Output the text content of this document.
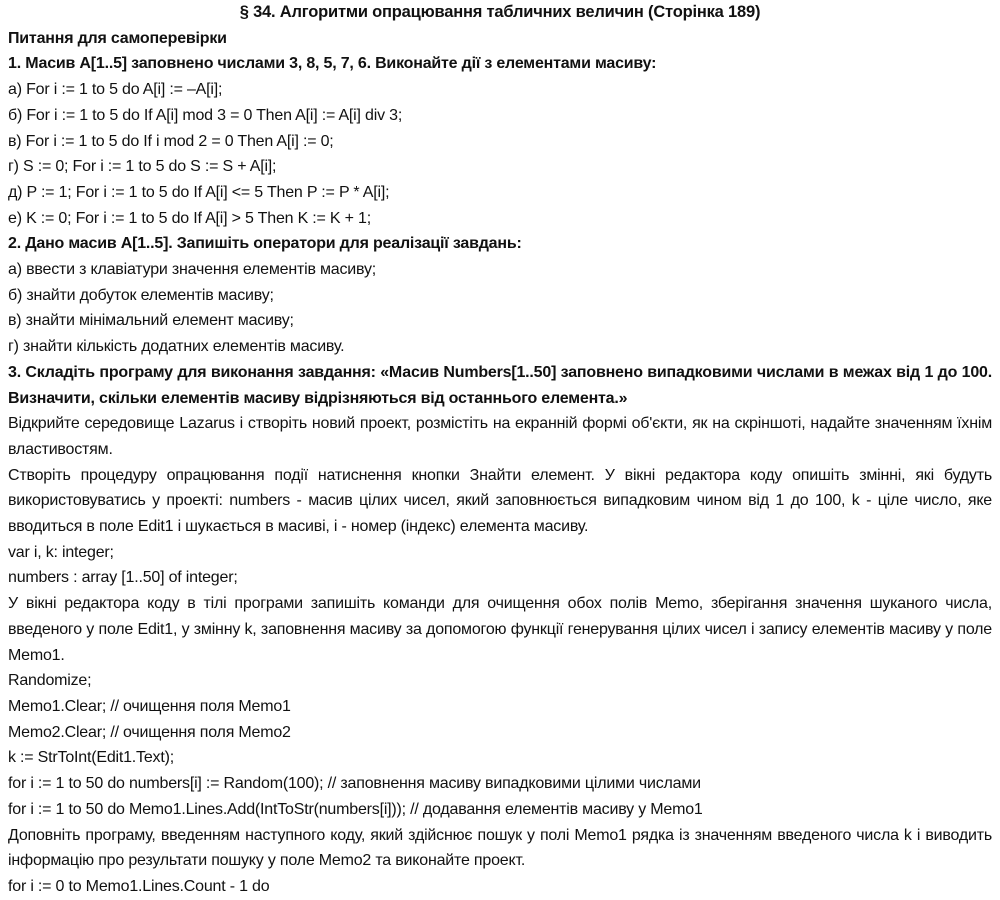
§ 34. Алгоритми опрацювання табличних величин (Сторінка 189)

Питання для самоперевірки

1. Масив A[1..5] заповнено числами 3, 8, 5, 7, 6. Виконайте дії з елементами масиву:

а) For i := 1 to 5 do A[i] := –A[i];

б) For i := 1 to 5 do If A[i] mod 3 = 0 Then A[i] := A[i] div 3;

в) For i := 1 to 5 do If i mod 2 = 0 Then A[i] := 0;

г) S := 0; For i := 1 to 5 do S := S + A[i];

д) P := 1; For i := 1 to 5 do If A[i] <= 5 Then P := P * A[i];

е) K := 0; For i := 1 to 5 do If A[i] > 5 Then K := K + 1;

2. Дано масив A[1..5]. Запишіть оператори для реалізації завдань:

а) ввести з клавіатури значення елементів масиву;

б) знайти добуток елементів масиву;

в) знайти мінімальний елемент масиву;

г) знайти кількість додатних елементів масиву.

3. Складіть програму для виконання завдання: «Масив Numbers[1..50] заповнено випадковими числами в межах від 1 до 100. Визначити, скільки елементів масиву відрізняються від останнього елемента.»

Відкрийте середовище Lazarus і створіть новий проект, розмістіть на екранній формі об'єкти, як на скріншоті, надайте значенням їхнім властивостям.

Створіть процедуру опрацювання події натиснення кнопки Знайти елемент. У вікні редактора коду опишіть змінні, які будуть використовуватись у проекті: numbers - масив цілих чисел, який заповнюється випадковим чином від 1 до 100, k - ціле число, яке вводиться в поле Edit1 і шукається в масиві, і - номер (індекс) елемента масиву.

var i, k: integer;

numbers : array [1..50] of integer;

У вікні редактора коду в тілі програми запишіть команди для очищення обох полів Memo, зберігання значення шуканого числа, введеного у поле Edit1, у змінну k, заповнення масиву за допомогою функції генерування цілих чисел і запису елементів масиву у поле Memo1.

Randomize;

Memo1.Clear; // очищення поля Memo1

Memo2.Clear; // очищення поля Memo2

k := StrToInt(Edit1.Text);

for i := 1 to 50 do numbers[i] := Random(100); // заповнення масиву випадковими цілими числами

for i := 1 to 50 do Memo1.Lines.Add(IntToStr(numbers[i])); // додавання елементів масиву у Memo1

Доповніть програму, введенням наступного коду, який здійснює пошук у полі Memo1 рядка із значенням введеного числа k і виводить інформацію про результати пошуку у поле Memo2 та виконайте проект.

for i := 0 to Memo1.Lines.Count - 1 do
